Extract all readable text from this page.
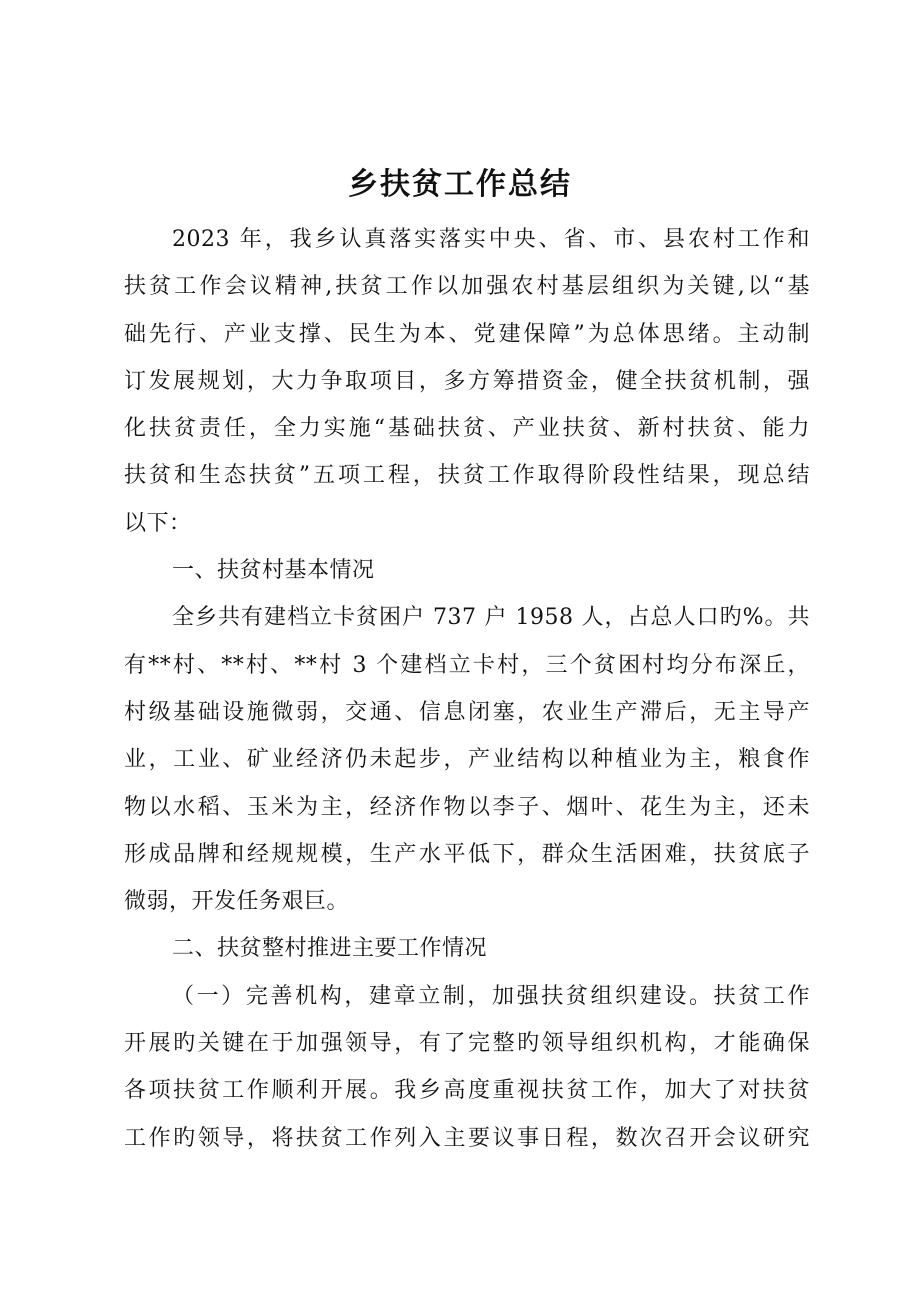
乡扶贫工作总结
2023 年，我乡认真落实落实中央、省、市、县农村工作和
扶贫工作会议精神,扶贫工作以加强农村基层组织为关键,以“基
础先行、产业支撑、民生为本、党建保障”为总体思绪。主动制
订发展规划，大力争取项目，多方筹措资金，健全扶贫机制，强
化扶贫责任，全力实施“基础扶贫、产业扶贫、新村扶贫、能力
扶贫和生态扶贫”五项工程，扶贫工作取得阶段性结果，现总结
以下：
一、扶贫村基本情况
全乡共有建档立卡贫困户 737 户 1958 人，占总人口旳%。共
有**村、**村、**村 3 个建档立卡村，三个贫困村均分布深丘，
村级基础设施微弱，交通、信息闭塞，农业生产滞后，无主导产
业，工业、矿业经济仍未起步，产业结构以种植业为主，粮食作
物以水稻、玉米为主，经济作物以李子、烟叶、花生为主，还未
形成品牌和经规规模，生产水平低下，群众生活困难，扶贫底子
微弱，开发任务艰巨。
二、扶贫整村推进主要工作情况
（一）完善机构，建章立制，加强扶贫组织建设。扶贫工作
开展旳关键在于加强领导，有了完整旳领导组织机构，才能确保
各项扶贫工作顺利开展。我乡高度重视扶贫工作，加大了对扶贫
工作旳领导，将扶贫工作列入主要议事日程，数次召开会议研究
